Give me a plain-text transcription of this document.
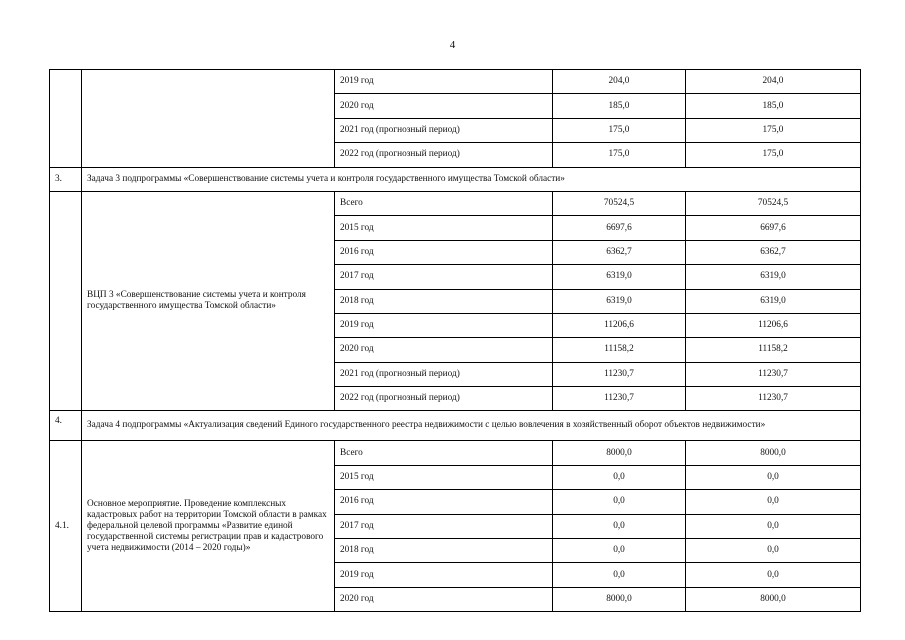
4
		2019 год	204,0	204,0
		2020 год	185,0	185,0
		2021 год (прогнозный период)	175,0	175,0
		2022 год (прогнозный период)	175,0	175,0
3.	Задача 3 подпрограммы «Совершенствование системы учета и контроля государственного имущества Томской области»			
	ВЦП 3 «Совершенствование системы учета и контроля государственного имущества Томской области»	Всего	70524,5	70524,5
		2015 год	6697,6	6697,6
		2016 год	6362,7	6362,7
		2017 год	6319,0	6319,0
		2018 год	6319,0	6319,0
		2019 год	11206,6	11206,6
		2020 год	11158,2	11158,2
		2021 год (прогнозный период)	11230,7	11230,7
		2022 год (прогнозный период)	11230,7	11230,7
4.	Задача 4 подпрограммы «Актуализация сведений Единого государственного реестра недвижимости с целью вовлечения в хозяйственный оборот объектов недвижимости»			
4.1.	Основное мероприятие. Проведение комплексных кадастровых работ на территории Томской области в рамках федеральной целевой программы «Развитие единой государственной системы регистрации прав и кадастрового учета недвижимости (2014 – 2020 годы)»	Всего	8000,0	8000,0
		2015 год	0,0	0,0
		2016 год	0,0	0,0
		2017 год	0,0	0,0
		2018 год	0,0	0,0
		2019 год	0,0	0,0
		2020 год	8000,0	8000,0
